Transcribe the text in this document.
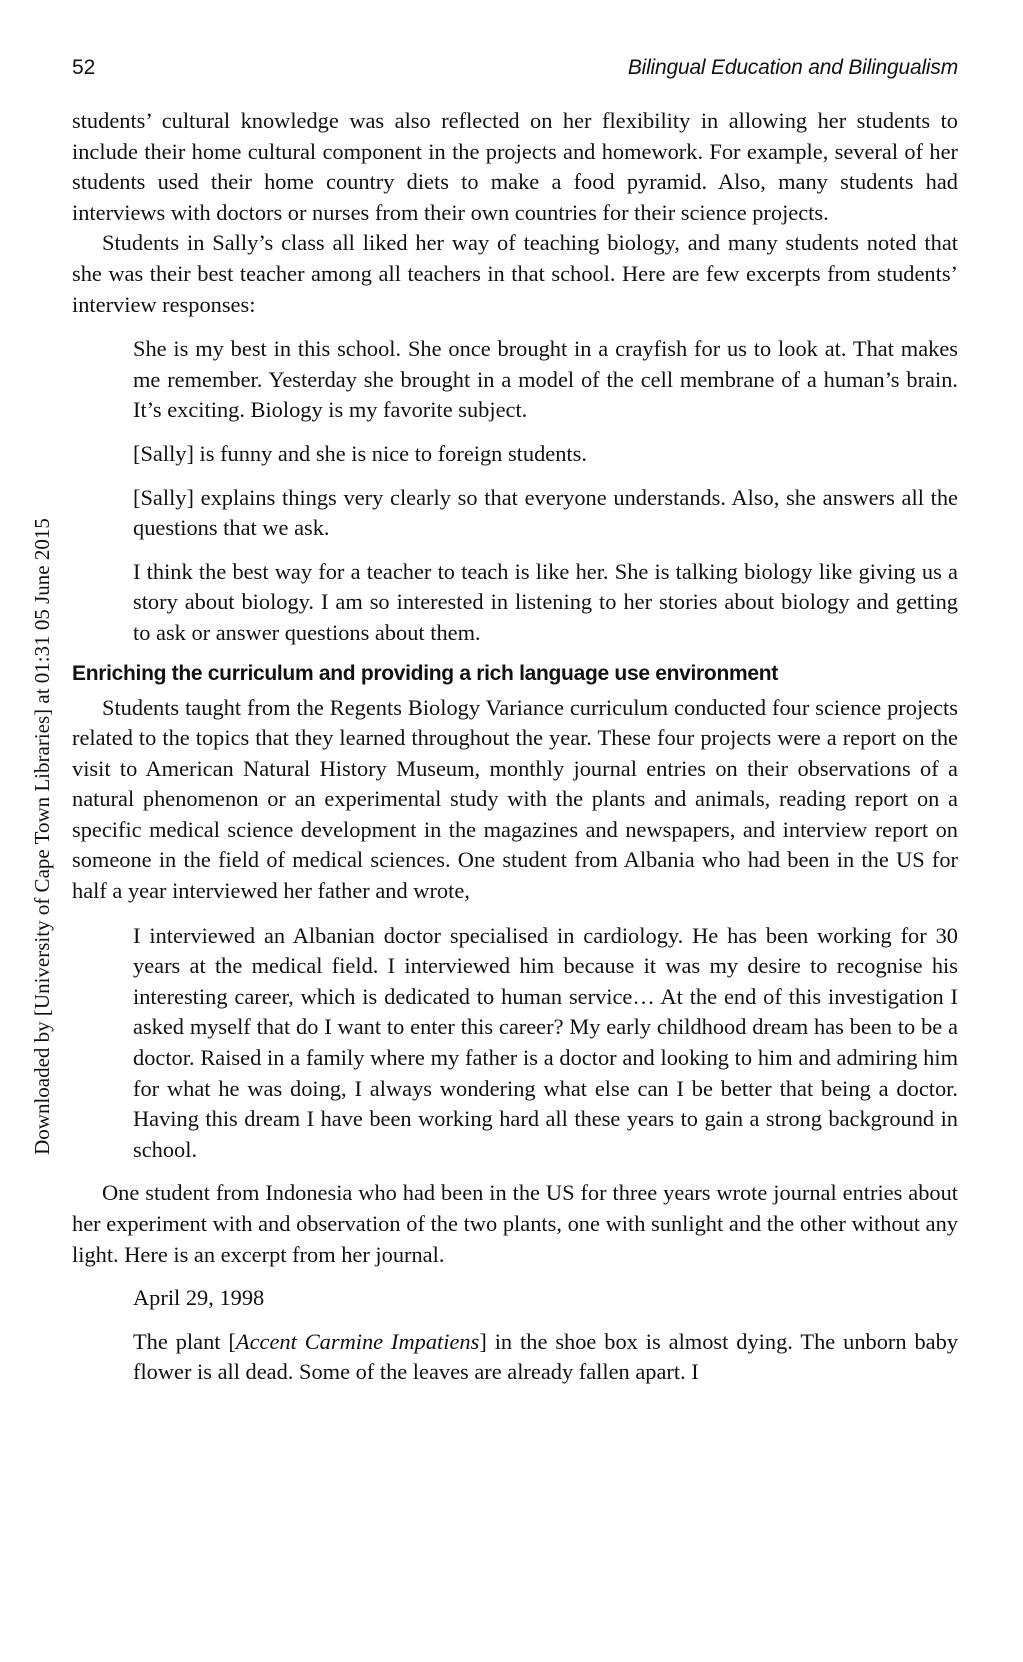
52	Bilingual Education and Bilingualism
Downloaded by [University of Cape Town Libraries] at 01:31 05 June 2015

students’ cultural knowledge was also reflected on her flexibility in allowing her students to include their home cultural component in the projects and homework. For example, several of her students used their home country diets to make a food pyramid. Also, many students had interviews with doctors or nurses from their own countries for their science projects.

Students in Sally’s class all liked her way of teaching biology, and many students noted that she was their best teacher among all teachers in that school. Here are few excerpts from students’ interview responses:

She is my best in this school. She once brought in a crayfish for us to look at. That makes me remember. Yesterday she brought in a model of the cell membrane of a human’s brain. It’s exciting. Biology is my favorite subject.

[Sally] is funny and she is nice to foreign students.

[Sally] explains things very clearly so that everyone understands. Also, she answers all the questions that we ask.

I think the best way for a teacher to teach is like her. She is talking biology like giving us a story about biology. I am so interested in listening to her stories about biology and getting to ask or answer questions about them.

Enriching the curriculum and providing a rich language use environment

Students taught from the Regents Biology Variance curriculum conducted four science projects related to the topics that they learned throughout the year. These four projects were a report on the visit to American Natural History Museum, monthly journal entries on their observations of a natural phenomenon or an experimental study with the plants and animals, reading report on a specific medical science development in the magazines and newspapers, and interview report on someone in the field of medical sciences. One student from Albania who had been in the US for half a year interviewed her father and wrote,

I interviewed an Albanian doctor specialised in cardiology. He has been working for 30 years at the medical field. I interviewed him because it was my desire to recognise his interesting career, which is dedicated to human service… At the end of this investigation I asked myself that do I want to enter this career? My early childhood dream has been to be a doctor. Raised in a family where my father is a doctor and looking to him and admiring him for what he was doing, I always wondering what else can I be better that being a doctor. Having this dream I have been working hard all these years to gain a strong background in school.

One student from Indonesia who had been in the US for three years wrote journal entries about her experiment with and observation of the two plants, one with sunlight and the other without any light. Here is an excerpt from her journal.

April 29, 1998

The plant [Accent Carmine Impatiens] in the shoe box is almost dying. The unborn baby flower is all dead. Some of the leaves are already fallen apart. I
